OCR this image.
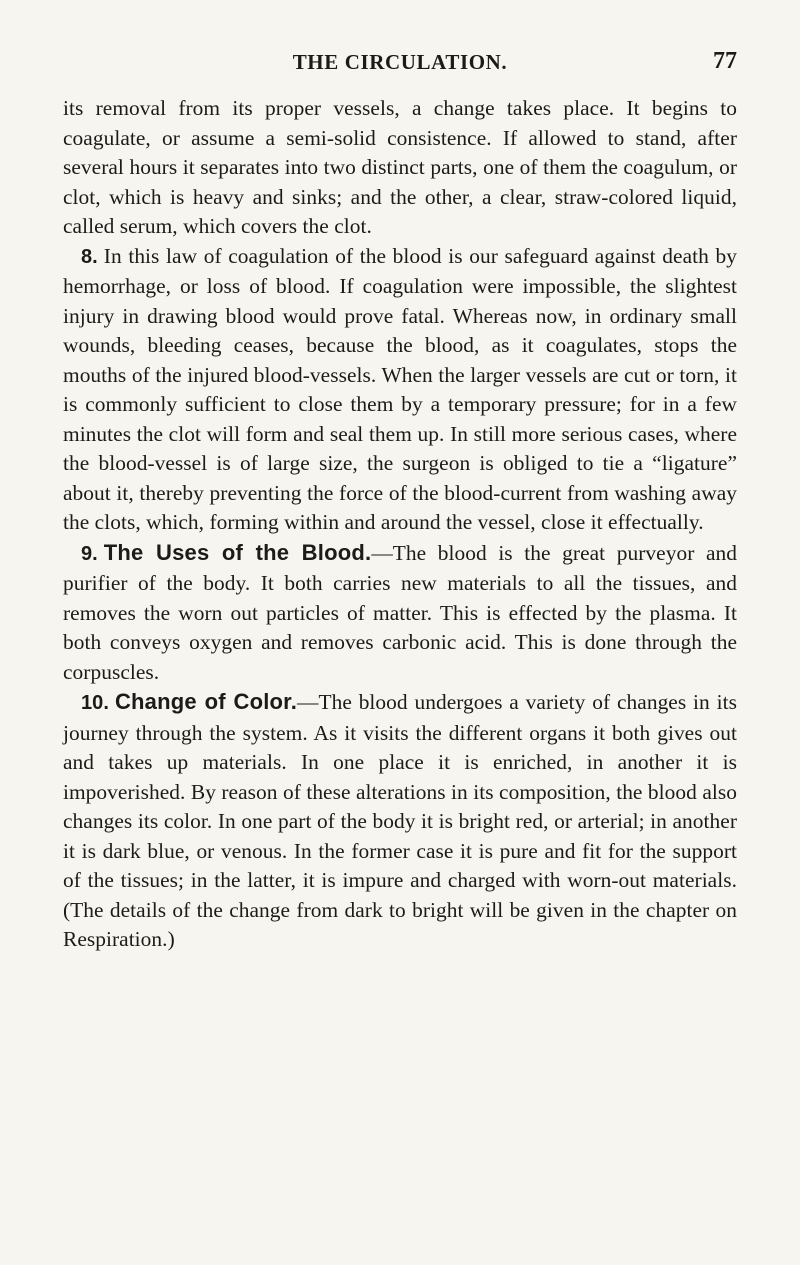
THE CIRCULATION.	77

its removal from its proper vessels, a change takes place. It begins to coagulate, or assume a semi-solid consistence. If allowed to stand, after several hours it separates into two distinct parts, one of them the coagulum, or clot, which is heavy and sinks; and the other, a clear, straw-colored liquid, called serum, which covers the clot.

8. In this law of coagulation of the blood is our safeguard against death by hemorrhage, or loss of blood. If coagulation were impossible, the slightest injury in drawing blood would prove fatal. Whereas now, in ordinary small wounds, bleeding ceases, because the blood, as it coagulates, stops the mouths of the injured blood-vessels. When the larger vessels are cut or torn, it is commonly sufficient to close them by a temporary pressure; for in a few minutes the clot will form and seal them up. In still more serious cases, where the blood-vessel is of large size, the surgeon is obliged to tie a “ligature” about it, thereby preventing the force of the blood-current from washing away the clots, which, forming within and around the vessel, close it effectually.

9. The Uses of the Blood.—The blood is the great purveyor and purifier of the body. It both carries new materials to all the tissues, and removes the worn out particles of matter. This is effected by the plasma. It both conveys oxygen and removes carbonic acid. This is done through the corpuscles.

10. Change of Color.—The blood undergoes a variety of changes in its journey through the system. As it visits the different organs it both gives out and takes up materials. In one place it is enriched, in another it is impoverished. By reason of these alterations in its composition, the blood also changes its color. In one part of the body it is bright red, or arterial; in another it is dark blue, or venous. In the former case it is pure and fit for the support of the tissues; in the latter, it is impure and charged with worn-out materials. (The details of the change from dark to bright will be given in the chapter on Respiration.)
